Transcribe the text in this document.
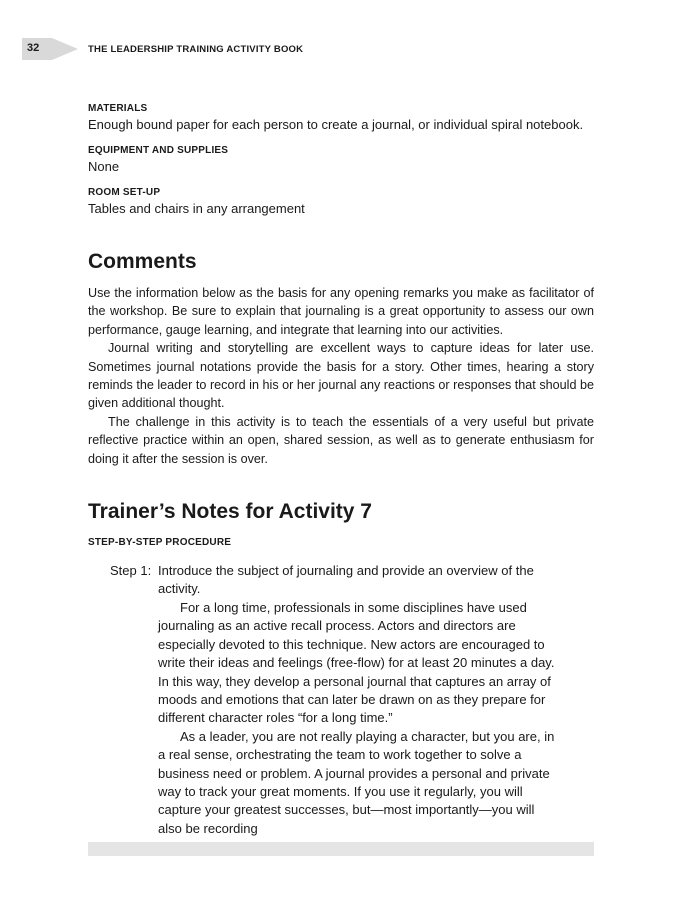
32	THE LEADERSHIP TRAINING ACTIVITY BOOK

MATERIALS

Enough bound paper for each person to create a journal, or individual spiral notebook.

EQUIPMENT AND SUPPLIES

None

ROOM SET-UP

Tables and chairs in any arrangement

Comments

Use the information below as the basis for any opening remarks you make as facilitator of the workshop. Be sure to explain that journaling is a great opportunity to assess our own performance, gauge learning, and integrate that learning into our activities.

Journal writing and storytelling are excellent ways to capture ideas for later use. Sometimes journal notations provide the basis for a story. Other times, hearing a story reminds the leader to record in his or her journal any reactions or responses that should be given additional thought.

The challenge in this activity is to teach the essentials of a very useful but private reflective practice within an open, shared session, as well as to generate enthusiasm for doing it after the session is over.

Trainer’s Notes for Activity 7

STEP-BY-STEP PROCEDURE

Step 1: Introduce the subject of journaling and provide an overview of the activity.

For a long time, professionals in some disciplines have used journaling as an active recall process. Actors and directors are especially devoted to this technique. New actors are encouraged to write their ideas and feelings (free-flow) for at least 20 minutes a day. In this way, they develop a personal journal that captures an array of moods and emotions that can later be drawn on as they prepare for different character roles “for a long time.”

As a leader, you are not really playing a character, but you are, in a real sense, orchestrating the team to work together to solve a business need or problem. A journal provides a personal and private way to track your great moments. If you use it regularly, you will capture your greatest successes, but—most importantly—you will also be recording
